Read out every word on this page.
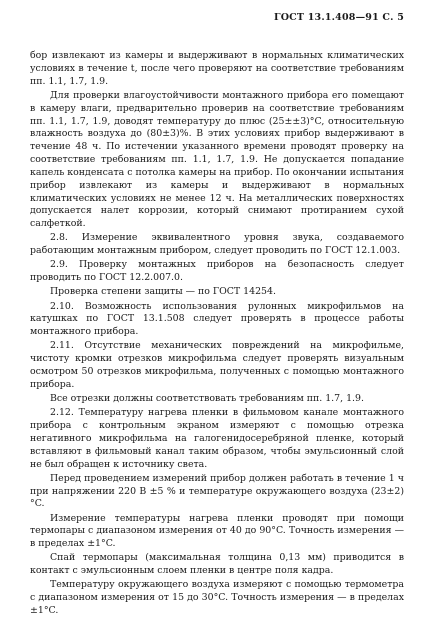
ГОСТ 13.1.408—91 С. 5

бор извлекают из камеры и выдерживают в нормальных климатических условиях в течение t, после чего проверяют на соответствие требованиям пп. 1.1, 1.7, 1.9.

Для проверки влагоустойчивости монтажного прибора его помещают в камеру влаги, предварительно проверив на соответствие требованиям пп. 1.1, 1.7, 1.9, доводят температуру до плюс (25±±3)°C, относительную влажность воздуха до (80±3)%. В этих условиях прибор выдерживают в течение 48 ч. По истечении указанного времени проводят проверку на соответствие требованиям пп. 1.1, 1.7, 1.9. Не допускается попадание капель конденсата с потолка камеры на прибор. По окончании испытания прибор извлекают из камеры и выдерживают в нормальных климатических условиях не менее 12 ч. На металлических поверхностях допускается налет коррозии, который снимают протиранием сухой салфеткой.

2.8. Измерение эквивалентного уровня звука, создаваемого работающим монтажным прибором, следует проводить по ГОСТ 12.1.003.

2.9. Проверку монтажных приборов на безопасность следует проводить по ГОСТ 12.2.007.0.

Проверка степени защиты — по ГОСТ 14254.

2.10. Возможность использования рулонных микрофильмов на катушках по ГОСТ 13.1.508 следует проверять в процессе работы монтажного прибора.

2.11. Отсутствие механических повреждений на микрофильме, чистоту кромки отрезков микрофильма следует проверять визуальным осмотром 50 отрезков микрофильма, полученных с помощью монтажного прибора.

Все отрезки должны соответствовать требованиям пп. 1.7, 1.9.

2.12. Температуру нагрева пленки в фильмовом канале монтажного прибора с контрольным экраном измеряют с помощью отрезка негативного микрофильма на галогенидосеребряной пленке, который вставляют в фильмовый канал таким образом, чтобы эмульсионный слой не был обращен к источнику света.

Перед проведением измерений прибор должен работать в течение 1 ч при напряжении 220 В ±5 % и температуре окружающего воздуха (23±2)°C.

Измерение температуры нагрева пленки проводят при помощи термопары с диапазоном измерения от 40 до 90°C. Точность измерения — в пределах ±1°C.

Спай термопары (максимальная толщина 0,13 мм) приводится в контакт с эмульсионным слоем пленки в центре поля кадра.

Температуру окружающего воздуха измеряют с помощью термометра с диапазоном измерения от 15 до 30°C. Точность измерения — в пределах ±1°C.
